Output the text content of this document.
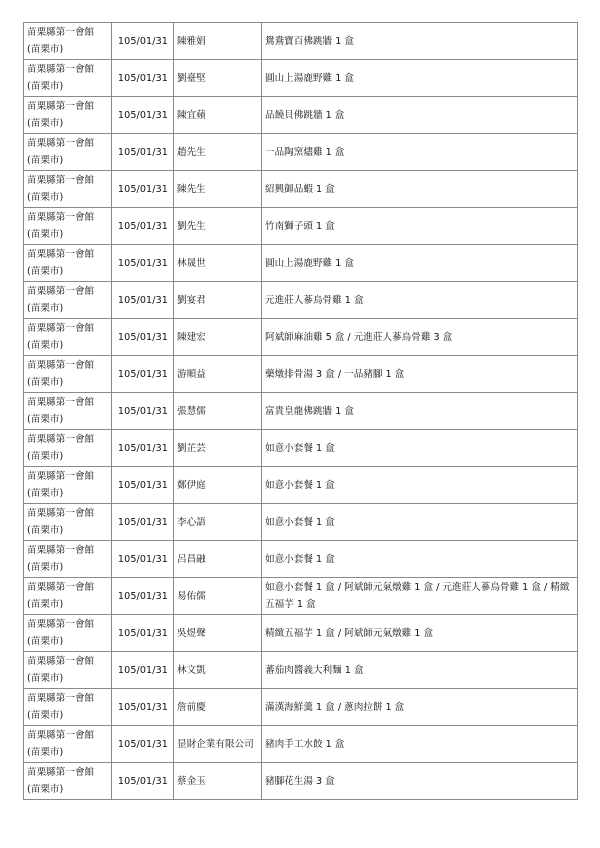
苗栗縣第一會館
(苗栗市)	105/01/31	陳雅娟	鴛鴦寶百佛跳牆 1 盒

苗栗縣第一會館
(苗栗市)	105/01/31	劉臺堅	圓山上湯鹿野雞 1 盒

苗栗縣第一會館
(苗栗市)	105/01/31	陳宜蘋	品饒貝佛跳牆 1 盒

苗栗縣第一會館
(苗栗市)	105/01/31	趙先生	一品陶窯燼雞 1 盒

苗栗縣第一會館
(苗栗市)	105/01/31	陳先生	紹興御品蝦 1 盒

苗栗縣第一會館
(苗栗市)	105/01/31	劉先生	竹南獅子頭 1 盒

苗栗縣第一會館
(苗栗市)	105/01/31	林晟世	圓山上湯鹿野雞 1 盒

苗栗縣第一會館
(苗栗市)	105/01/31	劉宴君	元進莊人蔘烏骨雞 1 盒

苗栗縣第一會館
(苗栗市)	105/01/31	陳建宏	阿斌師麻油雞 5 盒 / 元進莊人蔘烏骨雞 3 盒

苗栗縣第一會館
(苗栗市)	105/01/31	游順益	藥燉排骨湯 3 盒 / 一品豬腳 1 盒

苗栗縣第一會館
(苗栗市)	105/01/31	張慧儒	富貴皇龍佛跳牆 1 盒

苗栗縣第一會館
(苗栗市)	105/01/31	劉芷芸	如意小套餐 1 盒

苗栗縣第一會館
(苗栗市)	105/01/31	鄭伊庭	如意小套餐 1 盒

苗栗縣第一會館
(苗栗市)	105/01/31	李心語	如意小套餐 1 盒

苗栗縣第一會館
(苗栗市)	105/01/31	呂昌融	如意小套餐 1 盒

苗栗縣第一會館
(苗栗市)	105/01/31	易佑儒	如意小套餐 1 盒 / 阿斌師元氣燉雞 1 盒 / 元進莊人蔘烏骨雞 1 盒 / 精緻五福芋 1 盒

苗栗縣第一會館
(苗栗市)	105/01/31	吳煜聲	精緻五福芋 1 盒 / 阿斌師元氣燉雞 1 盒

苗栗縣第一會館
(苗栗市)	105/01/31	林文凱	蕃茄肉醬義大利麵 1 盒

苗栗縣第一會館
(苗栗市)	105/01/31	詹前慶	滿漢海鮮羹 1 盒 / 蔥肉拉餅 1 盒

苗栗縣第一會館
(苗栗市)	105/01/31	昰財企業有限公司	豬肉手工水餃 1 盒

苗栗縣第一會館
(苗栗市)	105/01/31	蔡金玉	豬腳花生湯 3 盒
